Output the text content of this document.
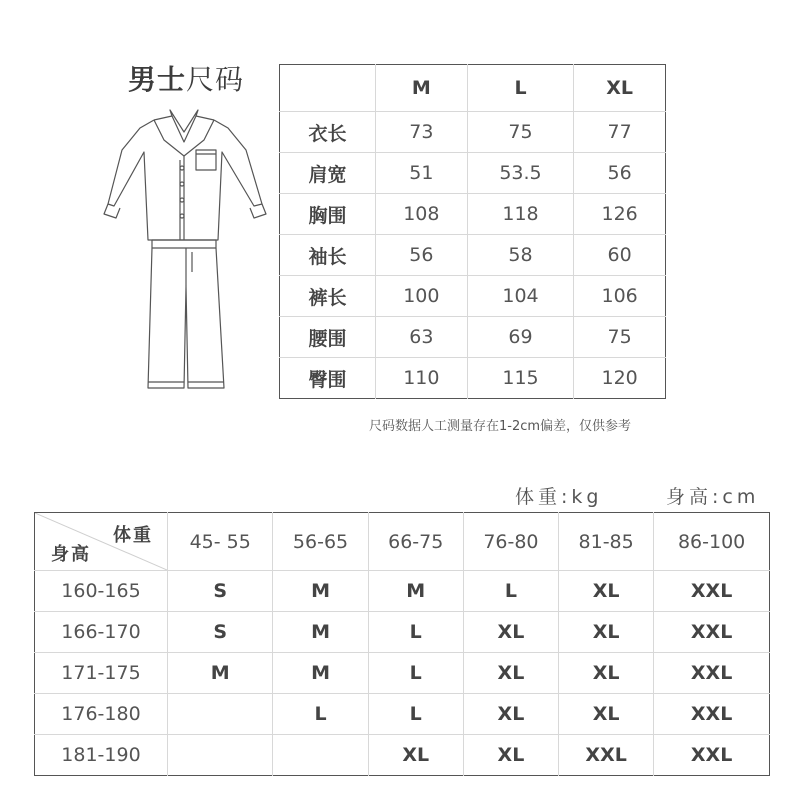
男士尺码
		M	L	XL
衣长	73	75	77
肩宽	51	53.5	56
胸围	108	118	126
袖长	56	58	60
裤长	100	104	106
腰围	63	69	75
臀围	110	115	120
尺码数据人工测量存在1-2cm偏差，仅供参考
体重:kg	身高:cm
体重
身高	45- 55	56-65	66-75	76-80	81-85	86-100
160-165	S	M	M	L	XL	XXL
166-170	S	M	L	XL	XL	XXL
171-175	M	M	L	XL	XL	XXL
176-180		L	L	XL	XL	XXL
181-190			XL	XL	XXL	XXL
